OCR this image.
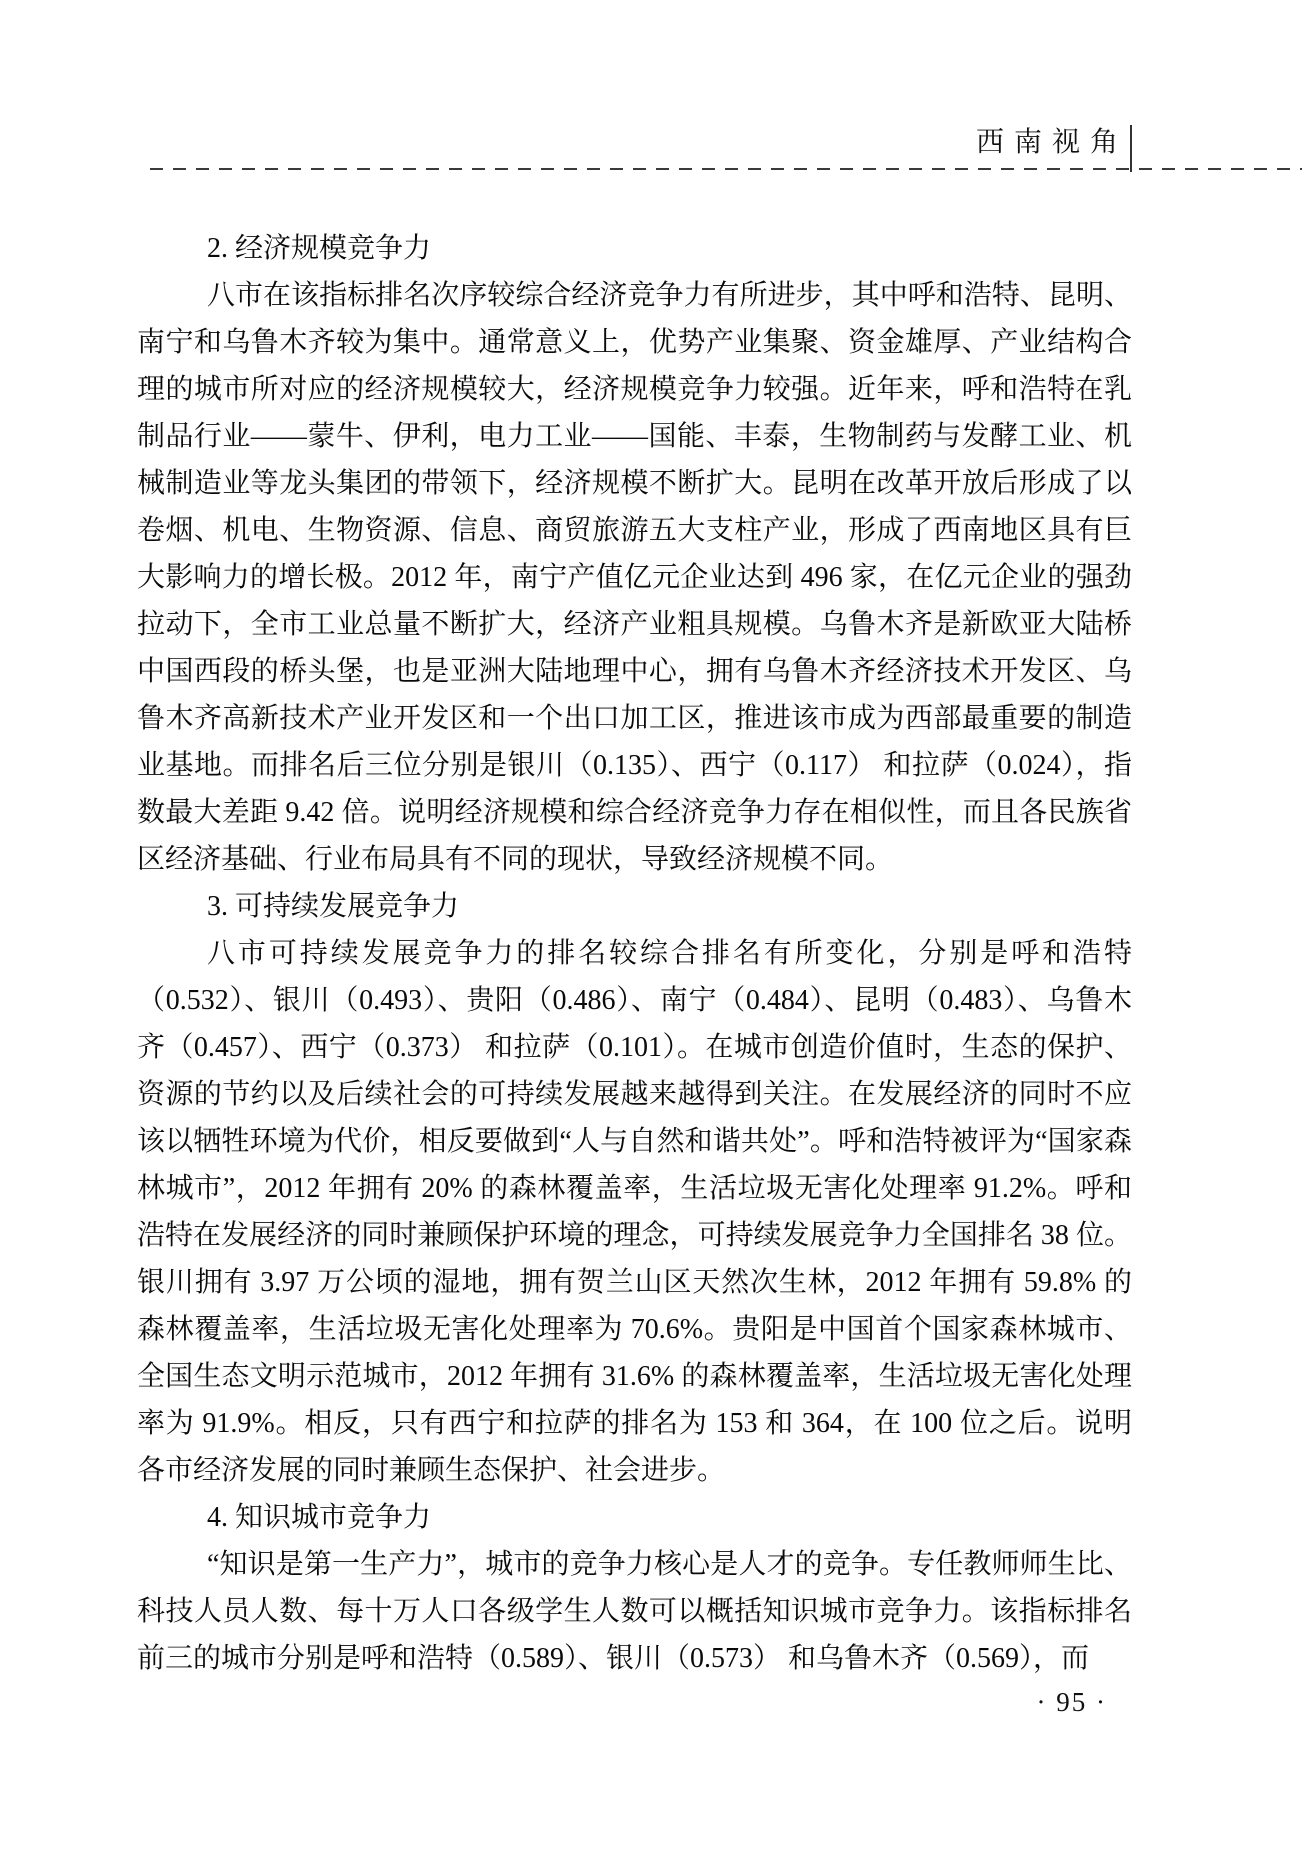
西南视角

2. 经济规模竞争力

八市在该指标排名次序较综合经济竞争力有所进步，其中呼和浩特、昆明、南宁和乌鲁木齐较为集中。通常意义上，优势产业集聚、资金雄厚、产业结构合理的城市所对应的经济规模较大，经济规模竞争力较强。近年来，呼和浩特在乳制品行业——蒙牛、伊利，电力工业——国能、丰泰，生物制药与发酵工业、机械制造业等龙头集团的带领下，经济规模不断扩大。昆明在改革开放后形成了以卷烟、机电、生物资源、信息、商贸旅游五大支柱产业，形成了西南地区具有巨大影响力的增长极。2012 年，南宁产值亿元企业达到 496 家，在亿元企业的强劲拉动下，全市工业总量不断扩大，经济产业粗具规模。乌鲁木齐是新欧亚大陆桥中国西段的桥头堡，也是亚洲大陆地理中心，拥有乌鲁木齐经济技术开发区、乌鲁木齐高新技术产业开发区和一个出口加工区，推进该市成为西部最重要的制造业基地。而排名后三位分别是银川（0.135）、西宁（0.117） 和拉萨（0.024），指数最大差距 9.42 倍。说明经济规模和综合经济竞争力存在相似性，而且各民族省区经济基础、行业布局具有不同的现状，导致经济规模不同。

3. 可持续发展竞争力

八市可持续发展竞争力的排名较综合排名有所变化，分别是呼和浩特（0.532）、银川（0.493）、贵阳（0.486）、南宁（0.484）、昆明（0.483）、乌鲁木齐（0.457）、西宁（0.373） 和拉萨（0.101）。在城市创造价值时，生态的保护、资源的节约以及后续社会的可持续发展越来越得到关注。在发展经济的同时不应该以牺牲环境为代价，相反要做到“人与自然和谐共处”。呼和浩特被评为“国家森林城市”，2012 年拥有 20% 的森林覆盖率，生活垃圾无害化处理率 91.2%。呼和浩特在发展经济的同时兼顾保护环境的理念，可持续发展竞争力全国排名 38 位。银川拥有 3.97 万公顷的湿地，拥有贺兰山区天然次生林，2012 年拥有 59.8% 的森林覆盖率，生活垃圾无害化处理率为 70.6%。贵阳是中国首个国家森林城市、全国生态文明示范城市，2012 年拥有 31.6% 的森林覆盖率，生活垃圾无害化处理率为 91.9%。相反，只有西宁和拉萨的排名为 153 和 364，在 100 位之后。说明各市经济发展的同时兼顾生态保护、社会进步。

4. 知识城市竞争力

“知识是第一生产力”，城市的竞争力核心是人才的竞争。专任教师师生比、科技人员人数、每十万人口各级学生人数可以概括知识城市竞争力。该指标排名前三的城市分别是呼和浩特（0.589）、银川（0.573） 和乌鲁木齐（0.569），而

· 95 ·
